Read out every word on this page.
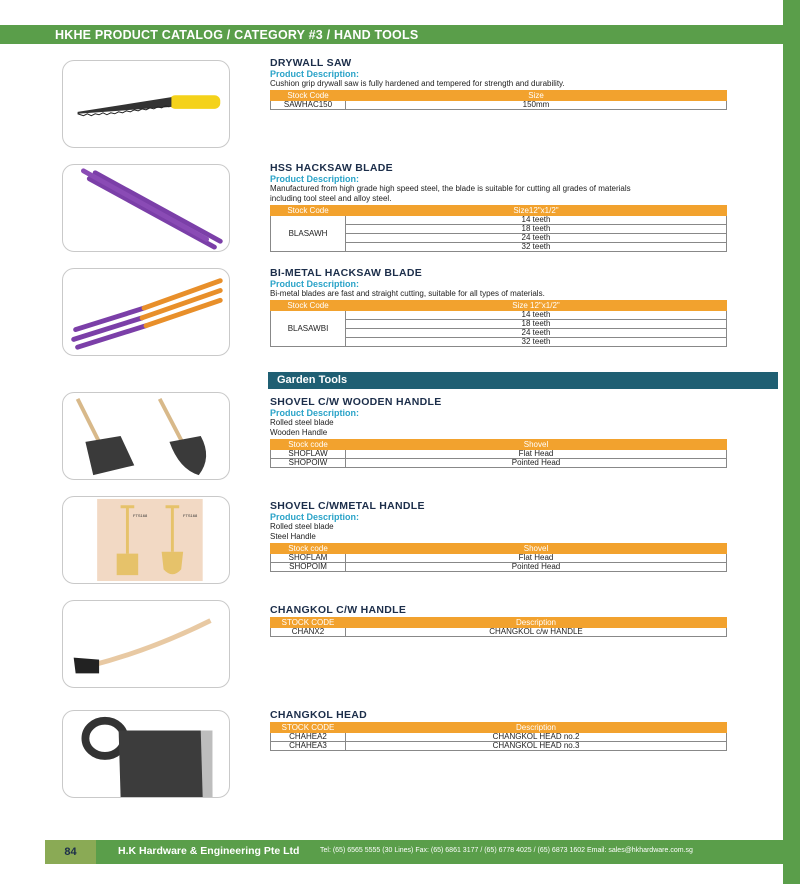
HKHE PRODUCT CATALOG / CATEGORY #3 / HAND TOOLS
FTS168	FTS168
DRYWALL SAW
Product Description:
Cushion grip drywall saw is fully hardened and tempered for strength and durability.
Stock Code	Size
SAWHAC150	150mm
HSS HACKSAW BLADE
Product Description:
Manufactured from high grade high speed steel, the blade is suitable for cutting all grades of materials
including tool steel and alloy steel.
Stock Code	Size12"x1/2"
BLASAWH	14 teeth
	18 teeth
	24 teeth
	32 teeth
BI-METAL HACKSAW BLADE
Product Description:
Bi-metal blades are fast and straight cutting, suitable for all types of materials.
Stock Code	Size 12"x1/2"
BLASAWBI	14 teeth
	18 teeth
	24 teeth
	32 teeth
Garden Tools
SHOVEL C/W WOODEN HANDLE
Product Description:
Rolled steel blade
Wooden Handle
Stock code	Shovel
SHOFLAW	Flat Head
SHOPOIW	Pointed Head
SHOVEL C/WMETAL HANDLE
Product Description:
Rolled steel blade
Steel Handle
Stock code	Shovel
SHOFLAM	Flat Head
SHOPOIM	Pointed Head
CHANGKOL C/W HANDLE
STOCK CODE	Description
CHANX2	CHANGKOL c/w HANDLE
CHANGKOL HEAD
STOCK CODE	Description
CHAHEA2	CHANGKOL HEAD no.2
CHAHEA3	CHANGKOL HEAD no.3
84	H.K Hardware & Engineering Pte Ltd	Tel: (65) 6565 5555 (30 Lines) Fax: (65) 6861 3177 / (65) 6778 4025 / (65) 6873 1602 Email: sales@hkhardware.com.sg
